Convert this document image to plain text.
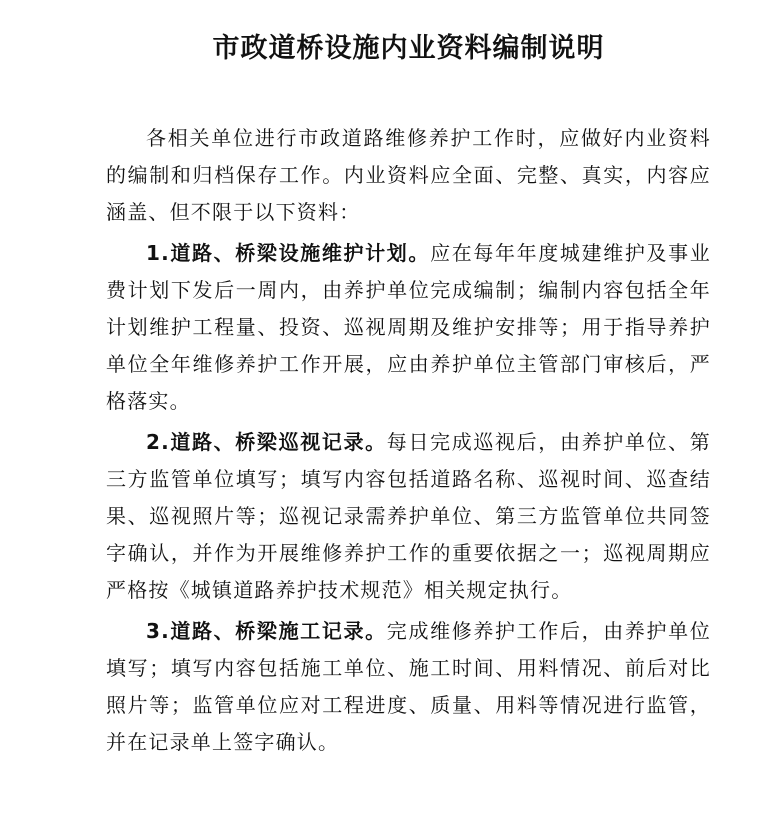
市政道桥设施内业资料编制说明

各相关单位进行市政道路维修养护工作时，应做好内业资料的编制和归档保存工作。内业资料应全面、完整、真实，内容应涵盖、但不限于以下资料：

1.道路、桥梁设施维护计划。应在每年年度城建维护及事业费计划下发后一周内，由养护单位完成编制；编制内容包括全年计划维护工程量、投资、巡视周期及维护安排等；用于指导养护单位全年维修养护工作开展，应由养护单位主管部门审核后，严格落实。

2.道路、桥梁巡视记录。每日完成巡视后，由养护单位、第三方监管单位填写；填写内容包括道路名称、巡视时间、巡查结果、巡视照片等；巡视记录需养护单位、第三方监管单位共同签字确认，并作为开展维修养护工作的重要依据之一；巡视周期应严格按《城镇道路养护技术规范》相关规定执行。

3.道路、桥梁施工记录。完成维修养护工作后，由养护单位填写；填写内容包括施工单位、施工时间、用料情况、前后对比照片等；监管单位应对工程进度、质量、用料等情况进行监管，并在记录单上签字确认。
